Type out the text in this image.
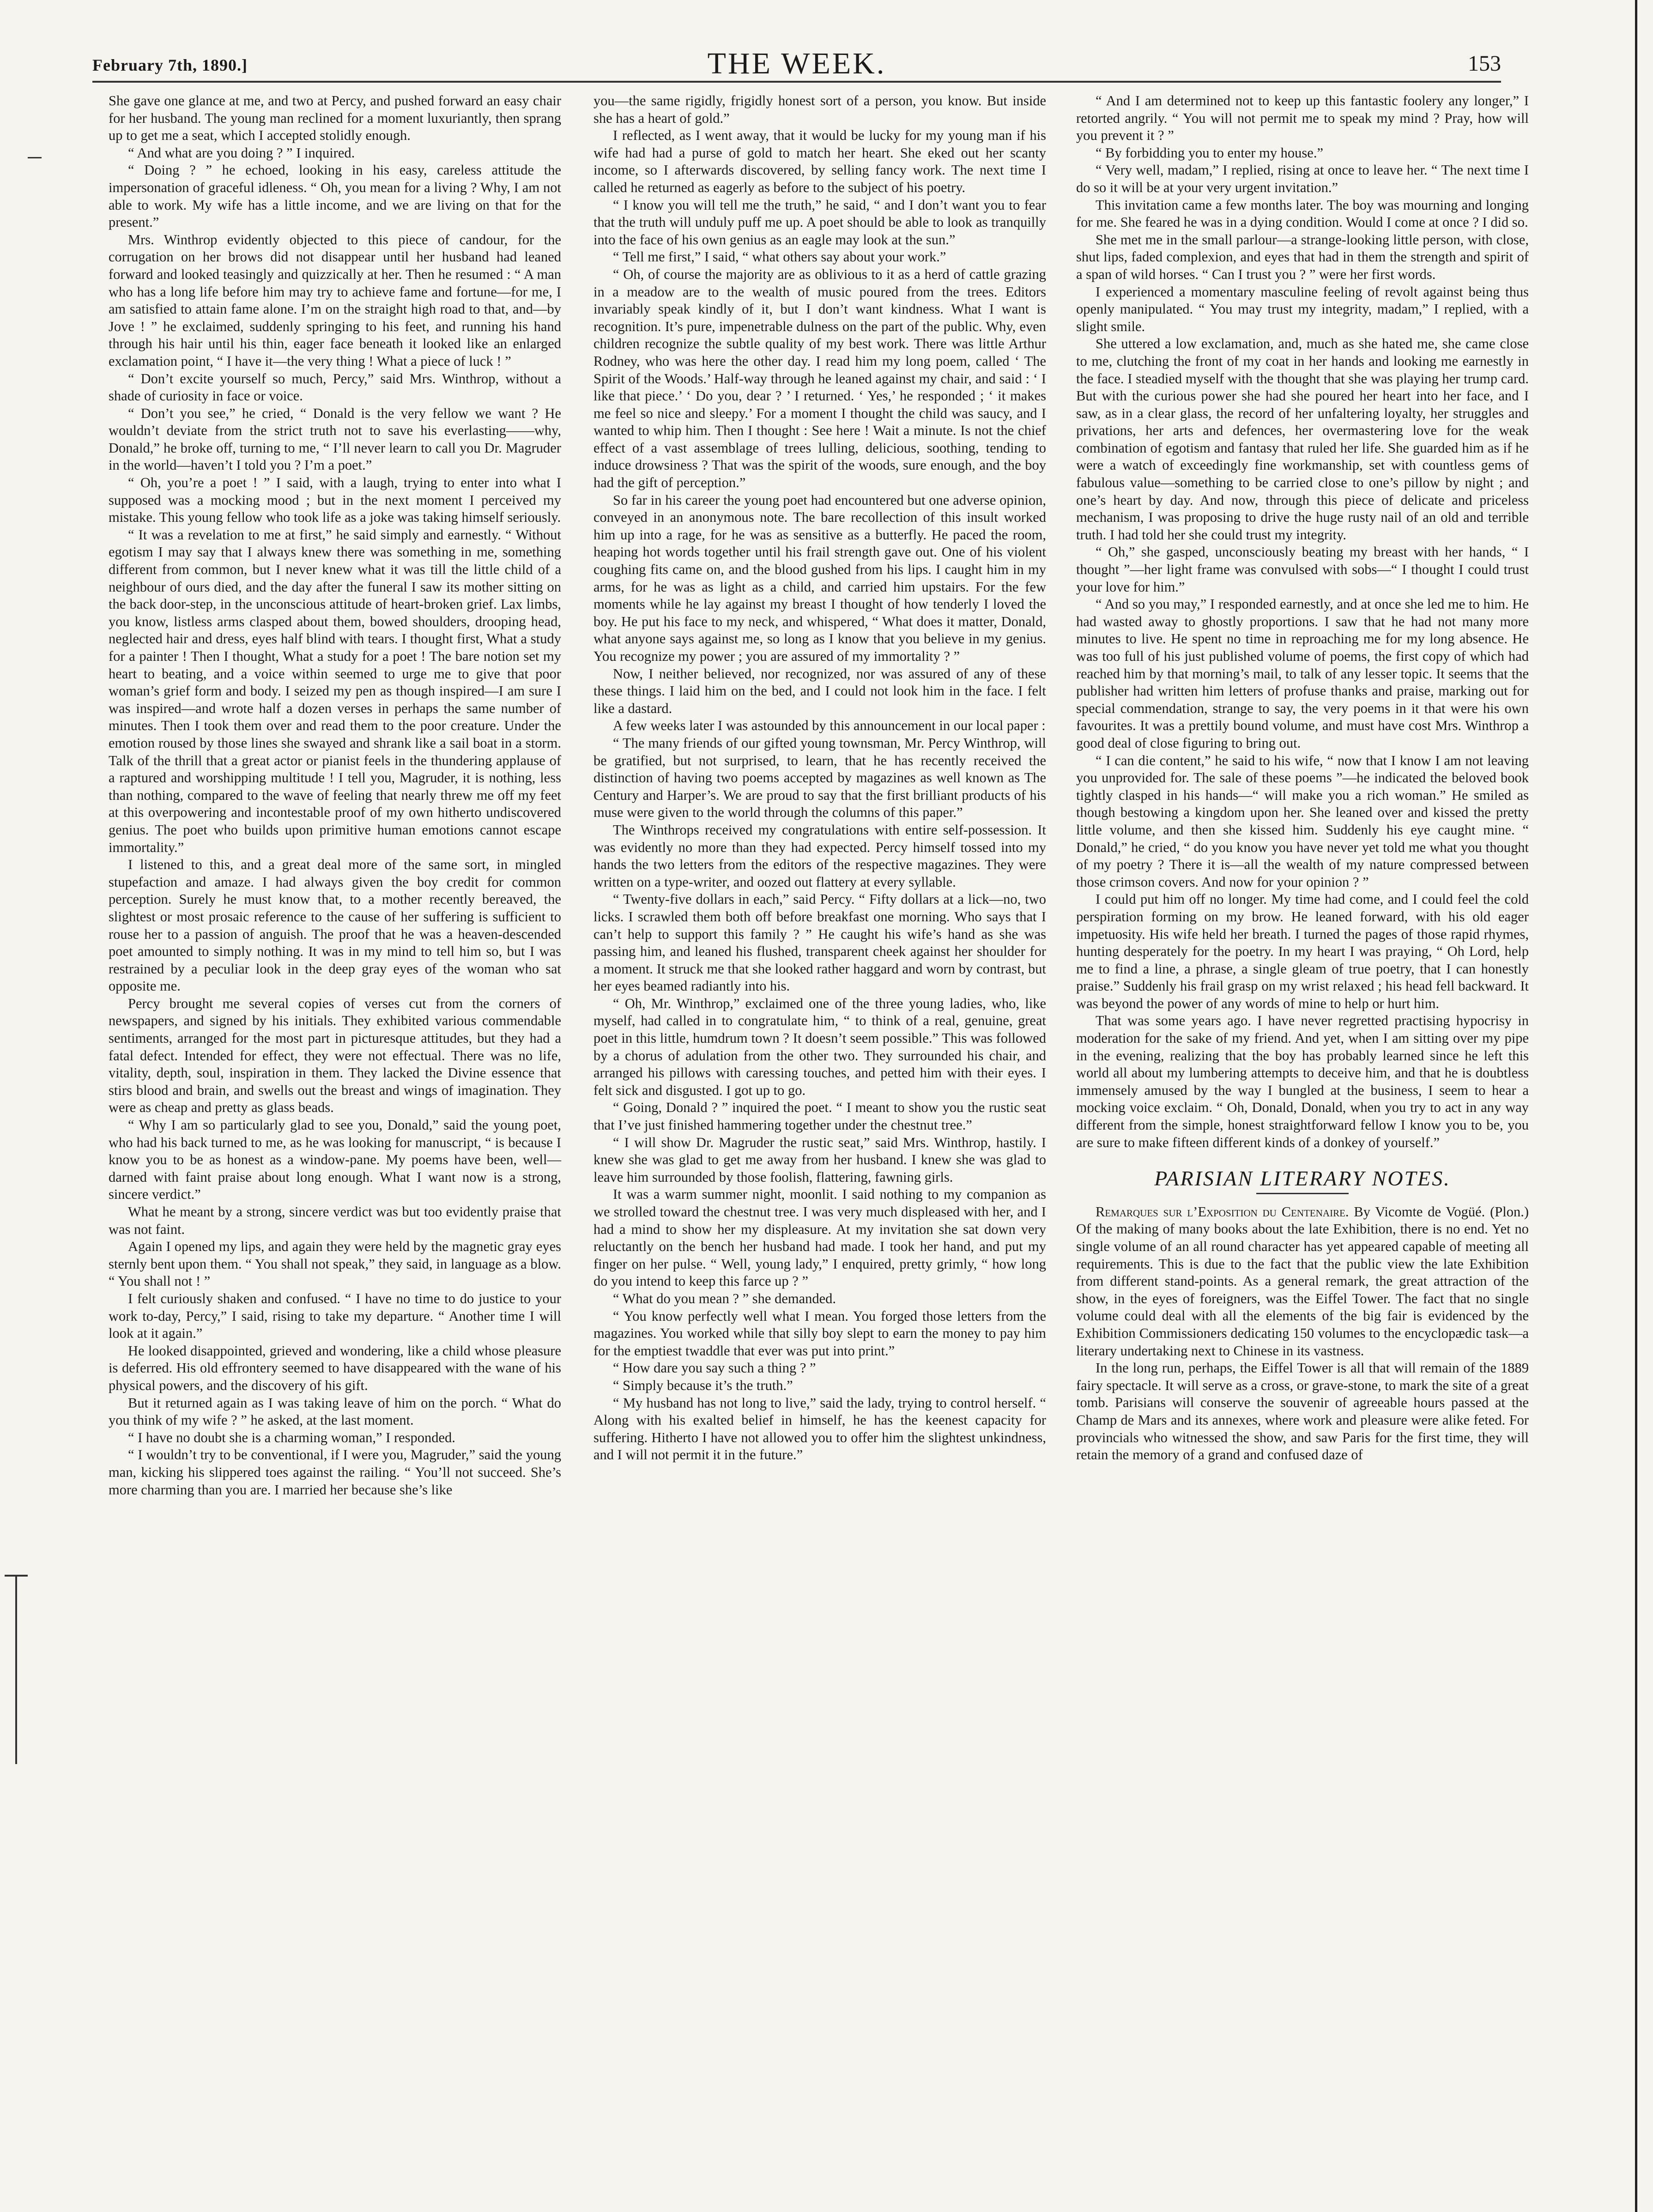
February 7th, 1890.]	THE WEEK.	153

She gave one glance at me, and two at Percy, and pushed forward an easy chair for her husband. The young man reclined for a moment luxuriantly, then sprang up to get me a seat, which I accepted stolidly enough.

“ And what are you doing ? ” I inquired.

“ Doing ? ” he echoed, looking in his easy, careless attitude the impersonation of graceful idleness. “ Oh, you mean for a living ? Why, I am not able to work. My wife has a little income, and we are living on that for the present.”

Mrs. Winthrop evidently objected to this piece of candour, for the corrugation on her brows did not disappear until her husband had leaned forward and looked teasingly and quizzically at her. Then he resumed : “ A man who has a long life before him may try to achieve fame and fortune—for me, I am satisfied to attain fame alone. I’m on the straight high road to that, and—by Jove ! ” he exclaimed, suddenly springing to his feet, and running his hand through his hair until his thin, eager face beneath it looked like an enlarged exclamation point, “ I have it—the very thing ! What a piece of luck ! ”

“ Don’t excite yourself so much, Percy,” said Mrs. Winthrop, without a shade of curiosity in face or voice.

“ Don’t you see,” he cried, “ Donald is the very fellow we want ? He wouldn’t deviate from the strict truth not to save his everlasting——why, Donald,” he broke off, turning to me, “ I’ll never learn to call you Dr. Magruder in the world—haven’t I told you ? I’m a poet.”

“ Oh, you’re a poet ! ” I said, with a laugh, trying to enter into what I supposed was a mocking mood ; but in the next moment I perceived my mistake. This young fellow who took life as a joke was taking himself seriously.

“ It was a revelation to me at first,” he said simply and earnestly. “ Without egotism I may say that I always knew there was something in me, something different from common, but I never knew what it was till the little child of a neighbour of ours died, and the day after the funeral I saw its mother sitting on the back door-step, in the unconscious attitude of heart-broken grief. Lax limbs, you know, listless arms clasped about them, bowed shoulders, drooping head, neglected hair and dress, eyes half blind with tears. I thought first, What a study for a painter ! Then I thought, What a study for a poet ! The bare notion set my heart to beating, and a voice within seemed to urge me to give that poor woman’s grief form and body. I seized my pen as though inspired—I am sure I was inspired—and wrote half a dozen verses in perhaps the same number of minutes. Then I took them over and read them to the poor creature. Under the emotion roused by those lines she swayed and shrank like a sail boat in a storm. Talk of the thrill that a great actor or pianist feels in the thundering applause of a raptured and worshipping multitude ! I tell you, Magruder, it is nothing, less than nothing, compared to the wave of feeling that nearly threw me off my feet at this overpowering and incontestable proof of my own hitherto undiscovered genius. The poet who builds upon primitive human emotions cannot escape immortality.”

I listened to this, and a great deal more of the same sort, in mingled stupefaction and amaze. I had always given the boy credit for common perception. Surely he must know that, to a mother recently bereaved, the slightest or most prosaic reference to the cause of her suffering is sufficient to rouse her to a passion of anguish. The proof that he was a heaven-descended poet amounted to simply nothing. It was in my mind to tell him so, but I was restrained by a peculiar look in the deep gray eyes of the woman who sat opposite me.

Percy brought me several copies of verses cut from the corners of newspapers, and signed by his initials. They exhibited various commendable sentiments, arranged for the most part in picturesque attitudes, but they had a fatal defect. Intended for effect, they were not effectual. There was no life, vitality, depth, soul, inspiration in them. They lacked the Divine essence that stirs blood and brain, and swells out the breast and wings of imagination. They were as cheap and pretty as glass beads.

“ Why I am so particularly glad to see you, Donald,” said the young poet, who had his back turned to me, as he was looking for manuscript, “ is because I know you to be as honest as a window-pane. My poems have been, well—darned with faint praise about long enough. What I want now is a strong, sincere verdict.”

What he meant by a strong, sincere verdict was but too evidently praise that was not faint.

Again I opened my lips, and again they were held by the magnetic gray eyes sternly bent upon them. “ You shall not speak,” they said, in language as a blow. “ You shall not ! ”

I felt curiously shaken and confused. “ I have no time to do justice to your work to-day, Percy,” I said, rising to take my departure. “ Another time I will look at it again.”

He looked disappointed, grieved and wondering, like a child whose pleasure is deferred. His old effrontery seemed to have disappeared with the wane of his physical powers, and the discovery of his gift.

But it returned again as I was taking leave of him on the porch. “ What do you think of my wife ? ” he asked, at the last moment.

“ I have no doubt she is a charming woman,” I responded.

“ I wouldn’t try to be conventional, if I were you, Magruder,” said the young man, kicking his slippered toes against the railing. “ You’ll not succeed. She’s more charming than you are. I married her because she’s like

you—the same rigidly, frigidly honest sort of a person, you know. But inside she has a heart of gold.”

I reflected, as I went away, that it would be lucky for my young man if his wife had had a purse of gold to match her heart. She eked out her scanty income, so I afterwards discovered, by selling fancy work. The next time I called he returned as eagerly as before to the subject of his poetry.

“ I know you will tell me the truth,” he said, “ and I don’t want you to fear that the truth will unduly puff me up. A poet should be able to look as tranquilly into the face of his own genius as an eagle may look at the sun.”

“ Tell me first,” I said, “ what others say about your work.”

“ Oh, of course the majority are as oblivious to it as a herd of cattle grazing in a meadow are to the wealth of music poured from the trees. Editors invariably speak kindly of it, but I don’t want kindness. What I want is recognition. It’s pure, impenetrable dulness on the part of the public. Why, even children recognize the subtle quality of my best work. There was little Arthur Rodney, who was here the other day. I read him my long poem, called ‘ The Spirit of the Woods.’ Half-way through he leaned against my chair, and said : ‘ I like that piece.’ ‘ Do you, dear ? ’ I returned. ‘ Yes,’ he responded ; ‘ it makes me feel so nice and sleepy.’ For a moment I thought the child was saucy, and I wanted to whip him. Then I thought : See here ! Wait a minute. Is not the chief effect of a vast assemblage of trees lulling, delicious, soothing, tending to induce drowsiness ? That was the spirit of the woods, sure enough, and the boy had the gift of perception.”

So far in his career the young poet had encountered but one adverse opinion, conveyed in an anonymous note. The bare recollection of this insult worked him up into a rage, for he was as sensitive as a butterfly. He paced the room, heaping hot words together until his frail strength gave out. One of his violent coughing fits came on, and the blood gushed from his lips. I caught him in my arms, for he was as light as a child, and carried him upstairs. For the few moments while he lay against my breast I thought of how tenderly I loved the boy. He put his face to my neck, and whispered, “ What does it matter, Donald, what anyone says against me, so long as I know that you believe in my genius. You recognize my power ; you are assured of my immortality ? ”

Now, I neither believed, nor recognized, nor was assured of any of these these things. I laid him on the bed, and I could not look him in the face. I felt like a dastard.

A few weeks later I was astounded by this announcement in our local paper :

“ The many friends of our gifted young townsman, Mr. Percy Winthrop, will be gratified, but not surprised, to learn, that he has recently received the distinction of having two poems accepted by magazines as well known as The Century and Harper’s. We are proud to say that the first brilliant products of his muse were given to the world through the columns of this paper.”

The Winthrops received my congratulations with entire self-possession. It was evidently no more than they had expected. Percy himself tossed into my hands the two letters from the editors of the respective magazines. They were written on a type-writer, and oozed out flattery at every syllable.

“ Twenty-five dollars in each,” said Percy. “ Fifty dollars at a lick—no, two licks. I scrawled them both off before breakfast one morning. Who says that I can’t help to support this family ? ” He caught his wife’s hand as she was passing him, and leaned his flushed, transparent cheek against her shoulder for a moment. It struck me that she looked rather haggard and worn by contrast, but her eyes beamed radiantly into his.

“ Oh, Mr. Winthrop,” exclaimed one of the three young ladies, who, like myself, had called in to congratulate him, “ to think of a real, genuine, great poet in this little, humdrum town ? It doesn’t seem possible.” This was followed by a chorus of adulation from the other two. They surrounded his chair, and arranged his pillows with caressing touches, and petted him with their eyes. I felt sick and disgusted. I got up to go.

“ Going, Donald ? ” inquired the poet. “ I meant to show you the rustic seat that I’ve just finished hammering together under the chestnut tree.”

“ I will show Dr. Magruder the rustic seat,” said Mrs. Winthrop, hastily. I knew she was glad to get me away from her husband. I knew she was glad to leave him surrounded by those foolish, flattering, fawning girls.

It was a warm summer night, moonlit. I said nothing to my companion as we strolled toward the chestnut tree. I was very much displeased with her, and I had a mind to show her my displeasure. At my invitation she sat down very reluctantly on the bench her husband had made. I took her hand, and put my finger on her pulse. “ Well, young lady,” I enquired, pretty grimly, “ how long do you intend to keep this farce up ? ”

“ What do you mean ? ” she demanded.

“ You know perfectly well what I mean. You forged those letters from the magazines. You worked while that silly boy slept to earn the money to pay him for the emptiest twaddle that ever was put into print.”

“ How dare you say such a thing ? ”

“ Simply because it’s the truth.”

“ My husband has not long to live,” said the lady, trying to control herself. “ Along with his exalted belief in himself, he has the keenest capacity for suffering. Hitherto I have not allowed you to offer him the slightest unkindness, and I will not permit it in the future.”

“ And I am determined not to keep up this fantastic foolery any longer,” I retorted angrily. “ You will not permit me to speak my mind ? Pray, how will you prevent it ? ”

“ By forbidding you to enter my house.”

“ Very well, madam,” I replied, rising at once to leave her. “ The next time I do so it will be at your very urgent invitation.”

This invitation came a few months later. The boy was mourning and longing for me. She feared he was in a dying condition. Would I come at once ? I did so.

She met me in the small parlour—a strange-looking little person, with close, shut lips, faded complexion, and eyes that had in them the strength and spirit of a span of wild horses. “ Can I trust you ? ” were her first words.

I experienced a momentary masculine feeling of revolt against being thus openly manipulated. “ You may trust my integrity, madam,” I replied, with a slight smile.

She uttered a low exclamation, and, much as she hated me, she came close to me, clutching the front of my coat in her hands and looking me earnestly in the face. I steadied myself with the thought that she was playing her trump card. But with the curious power she had she poured her heart into her face, and I saw, as in a clear glass, the record of her unfaltering loyalty, her struggles and privations, her arts and defences, her overmastering love for the weak combination of egotism and fantasy that ruled her life. She guarded him as if he were a watch of exceedingly fine workmanship, set with countless gems of fabulous value—something to be carried close to one’s pillow by night ; and one’s heart by day. And now, through this piece of delicate and priceless mechanism, I was proposing to drive the huge rusty nail of an old and terrible truth. I had told her she could trust my integrity.

“ Oh,” she gasped, unconsciously beating my breast with her hands, “ I thought ”—her light frame was convulsed with sobs—“ I thought I could trust your love for him.”

“ And so you may,” I responded earnestly, and at once she led me to him. He had wasted away to ghostly proportions. I saw that he had not many more minutes to live. He spent no time in reproaching me for my long absence. He was too full of his just published volume of poems, the first copy of which had reached him by that morning’s mail, to talk of any lesser topic. It seems that the publisher had written him letters of profuse thanks and praise, marking out for special commendation, strange to say, the very poems in it that were his own favourites. It was a prettily bound volume, and must have cost Mrs. Winthrop a good deal of close figuring to bring out.

“ I can die content,” he said to his wife, “ now that I know I am not leaving you unprovided for. The sale of these poems ”—he indicated the beloved book tightly clasped in his hands—“ will make you a rich woman.” He smiled as though bestowing a kingdom upon her. She leaned over and kissed the pretty little volume, and then she kissed him. Suddenly his eye caught mine. “ Donald,” he cried, “ do you know you have never yet told me what you thought of my poetry ? There it is—all the wealth of my nature compressed between those crimson covers. And now for your opinion ? ”

I could put him off no longer. My time had come, and I could feel the cold perspiration forming on my brow. He leaned forward, with his old eager impetuosity. His wife held her breath. I turned the pages of those rapid rhymes, hunting desperately for the poetry. In my heart I was praying, “ Oh Lord, help me to find a line, a phrase, a single gleam of true poetry, that I can honestly praise.” Suddenly his frail grasp on my wrist relaxed ; his head fell backward. It was beyond the power of any words of mine to help or hurt him.

That was some years ago. I have never regretted practising hypocrisy in moderation for the sake of my friend. And yet, when I am sitting over my pipe in the evening, realizing that the boy has probably learned since he left this world all about my lumbering attempts to deceive him, and that he is doubtless immensely amused by the way I bungled at the business, I seem to hear a mocking voice exclaim. “ Oh, Donald, Donald, when you try to act in any way different from the simple, honest straightforward fellow I know you to be, you are sure to make fifteen different kinds of a donkey of yourself.”

PARISIAN LITERARY NOTES.

Remarques sur l’Exposition du Centenaire. By Vicomte de Vogüé. (Plon.) Of the making of many books about the late Exhibition, there is no end. Yet no single volume of an all round character has yet appeared capable of meeting all requirements. This is due to the fact that the public view the late Exhibition from different stand-points. As a general remark, the great attraction of the show, in the eyes of foreigners, was the Eiffel Tower. The fact that no single volume could deal with all the elements of the big fair is evidenced by the Exhibition Commissioners dedicating 150 volumes to the encyclopædic task—a literary undertaking next to Chinese in its vastness.

In the long run, perhaps, the Eiffel Tower is all that will remain of the 1889 fairy spectacle. It will serve as a cross, or grave-stone, to mark the site of a great tomb. Parisians will conserve the souvenir of agreeable hours passed at the Champ de Mars and its annexes, where work and pleasure were alike feted. For provincials who witnessed the show, and saw Paris for the first time, they will retain the memory of a grand and confused daze of
